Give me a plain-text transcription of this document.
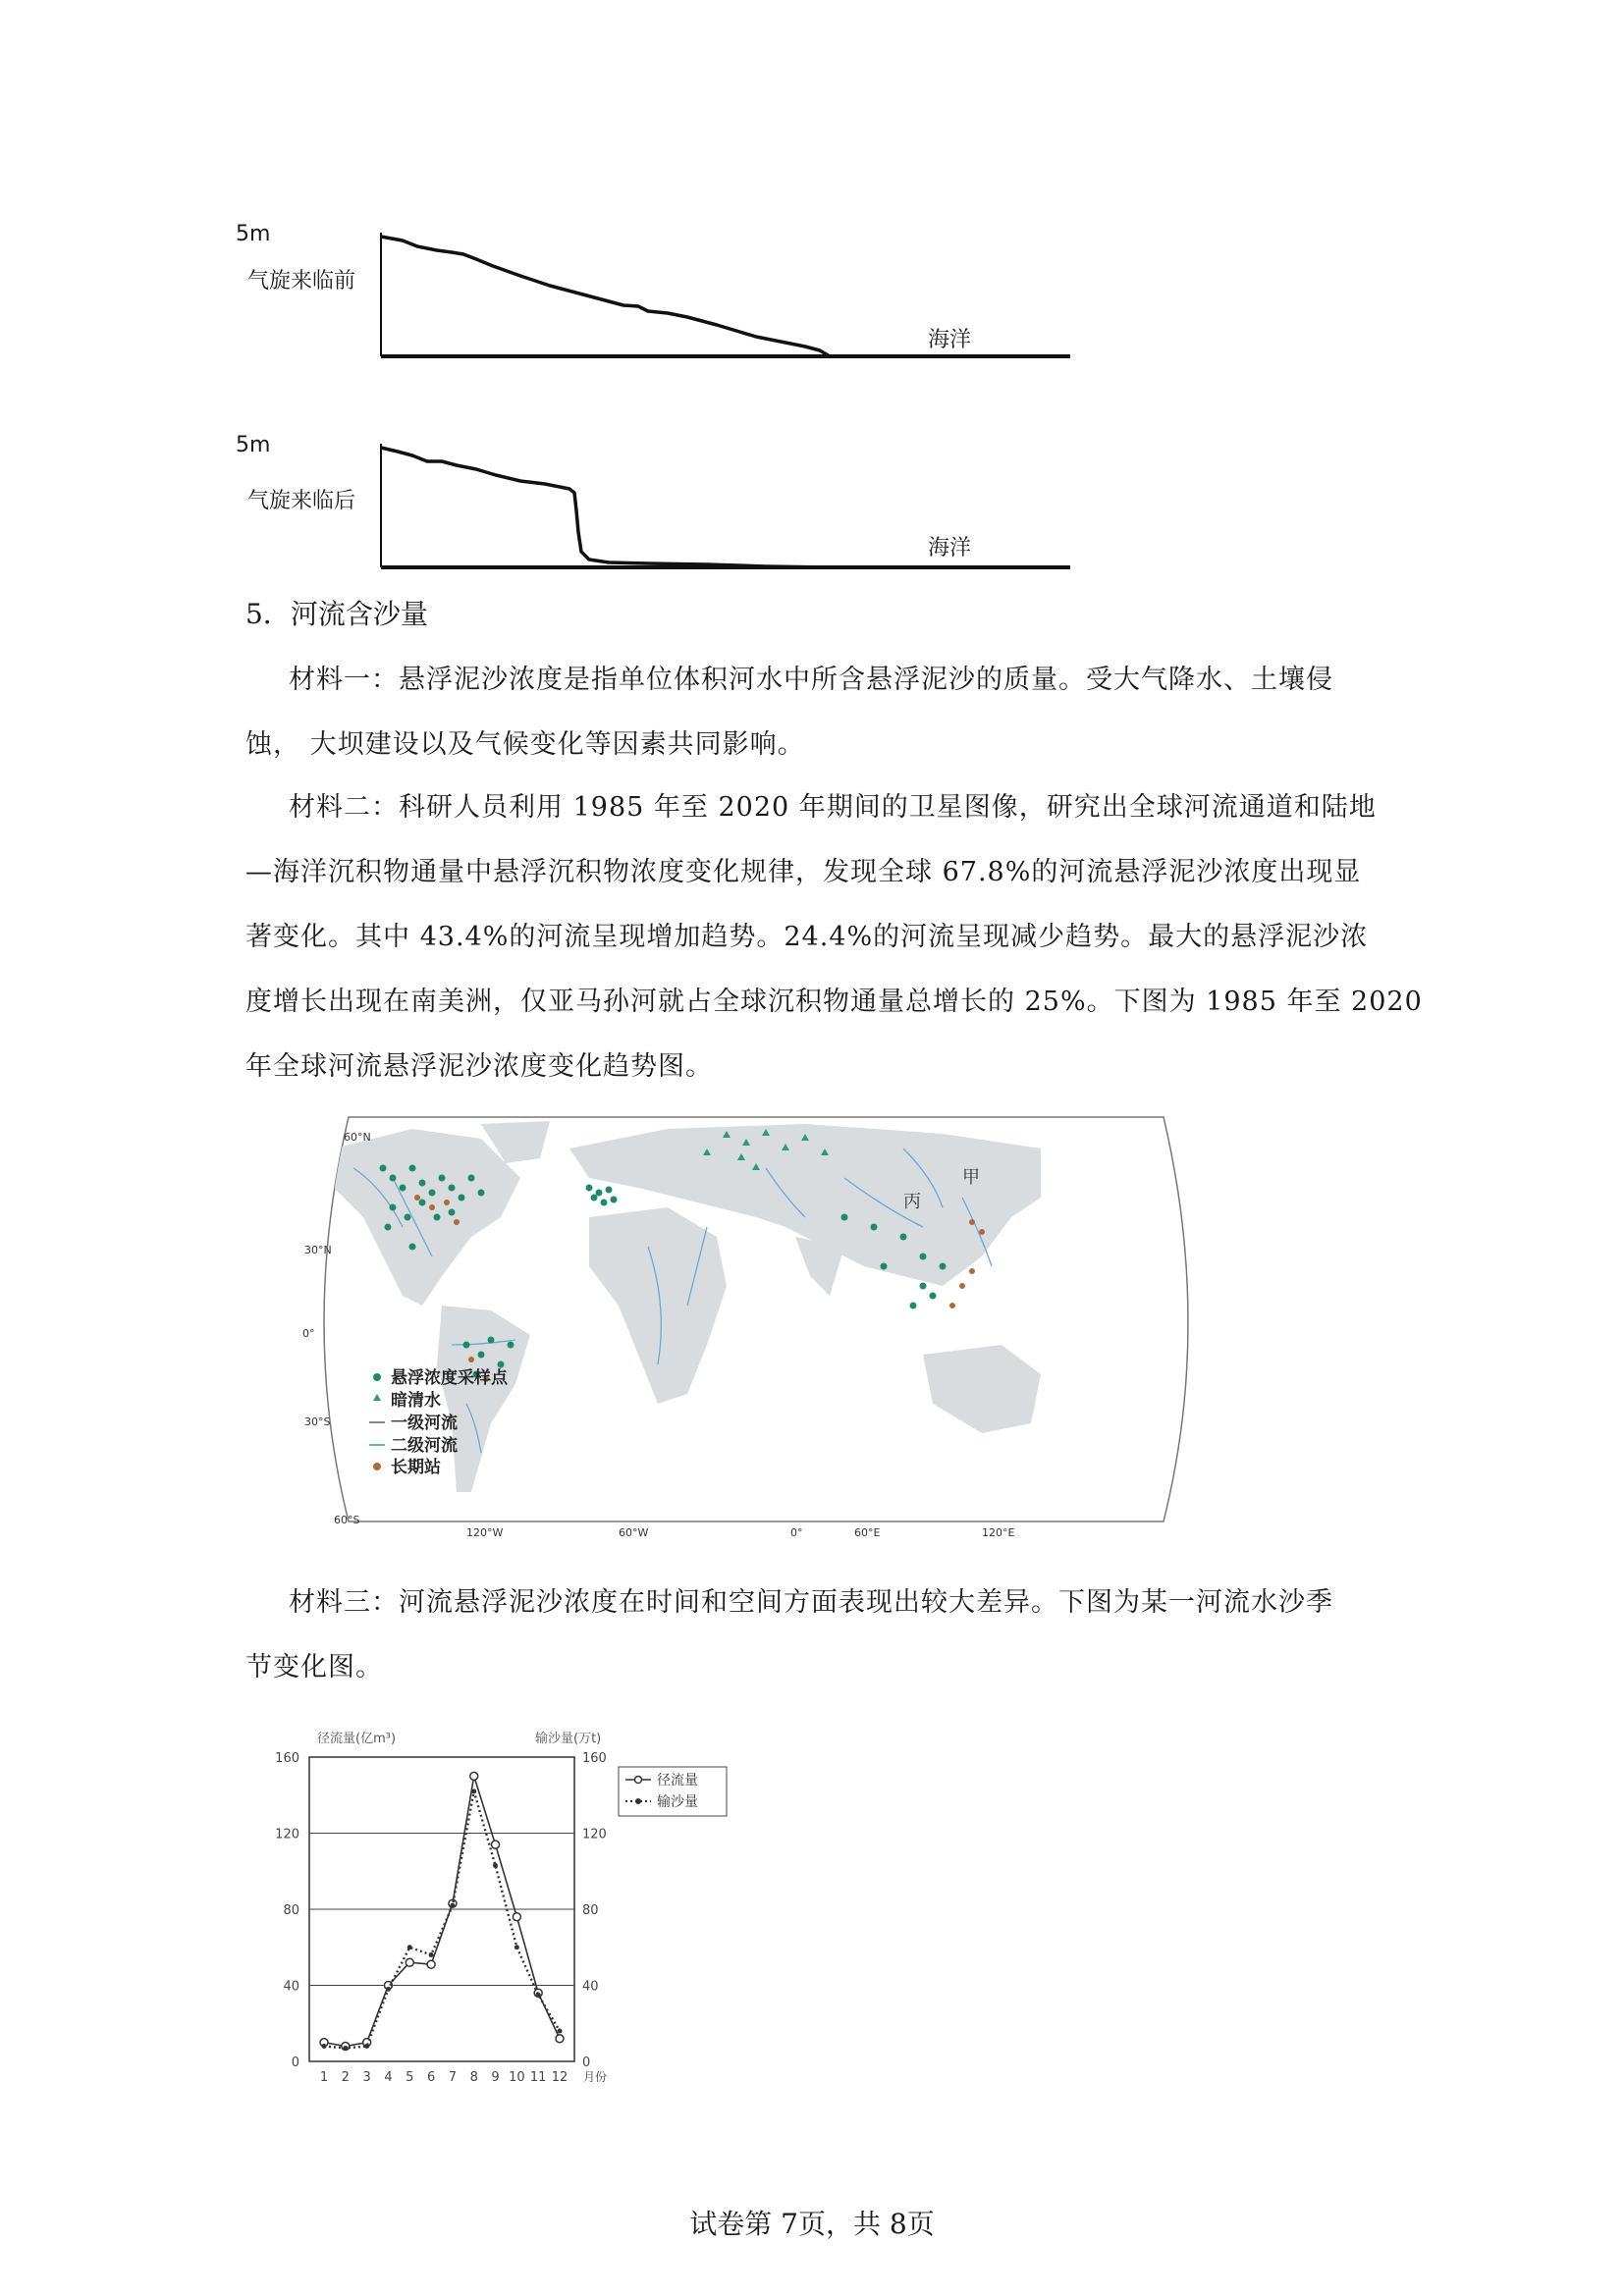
5m
气旋来临前
海洋
5m
气旋来临后
海洋
5．河流含沙量
材料一：悬浮泥沙浓度是指单位体积河水中所含悬浮泥沙的质量。受大气降水、土壤侵
蚀， 大坝建设以及气候变化等因素共同影响。
材料二：科研人员利用 1985 年至 2020 年期间的卫星图像，研究出全球河流通道和陆地
—海洋沉积物通量中悬浮沉积物浓度变化规律，发现全球 67.8%的河流悬浮泥沙浓度出现显
著变化。其中 43.4%的河流呈现增加趋势。24.4%的河流呈现减少趋势。最大的悬浮泥沙浓
度增长出现在南美洲，仅亚马孙河就占全球沉积物通量总增长的 25%。下图为 1985 年至 2020
年全球河流悬浮泥沙浓度变化趋势图。
甲
丙
60°N
30°N
0°
30°S
60°S
120°W	60°W	0°	60°E	120°E
悬浮浓度采样点
暗清水
一级河流
二级河流
长期站
材料三：河流悬浮泥沙浓度在时间和空间方面表现出较大差异。下图为某一河流水沙季
节变化图。
径流量(亿m³)	输沙量(万t)
0	0
40	40
80	80
120	120
160	160
1 2 3 4 5 6 7 8 9 10 11 12 月份
径流量
输沙量
试卷第 7页，共 8页
